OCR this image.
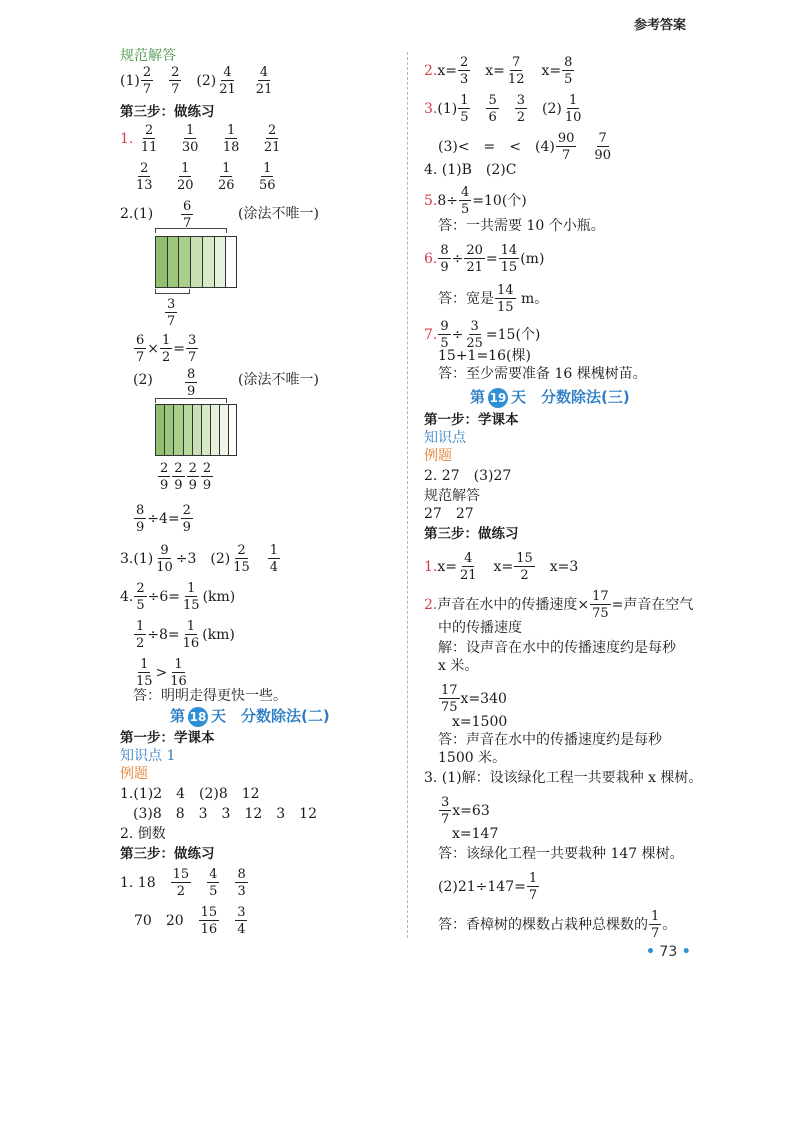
参考答案
规范解答
$(1) \frac{2}{7} \frac{2}{7} (2) \frac{4}{21} \frac{4}{21}$
第三步：做练习
1. $\frac{2}{11}$
$\frac{1}{30}$
$\frac{1}{18}$
$\frac{2}{21}$
$\frac{2}{13}$
$\frac{1}{20}$
$\frac{1}{26}$
$\frac{1}{56}$
$2.(1) \frac{6}{7}$	(涂法不唯一)
$\frac{3}{7}$
$\frac{6}{7} \times \frac{1}{2} = \frac{3}{7}$
$(2) \frac{8}{9}$	(涂法不唯一)
$\frac{2}{9} \frac{2}{9} \frac{2}{9} \frac{2}{9}$
$\frac{8}{9} \div 4= \frac{2}{9}$
$3.(1) \frac{9}{10} \div 3$ $(2) \frac{2}{15} \frac{1}{4}$
4. $\frac{2}{5} \div 6= \frac{1}{15} (km)$
$\frac{1}{2} \div 8= \frac{1}{16} (km)$
$\frac{1}{15} > \frac{1}{16}$
答：明明走得更快一些。
第 18 天　 分数除法(二)
第一步：学课本
知识点 1
例题
1.(1)2　4　(2)8　12
(3)8　8　3　3　12　3　12
2. 倒数
第三步：做练习
1. $18 \frac{15}{2} \frac{4}{5} \frac{8}{3}$
70 $20 \frac{15}{16} \frac{3}{4}$
$2.x= \frac{2}{3} x= \frac{7}{12} x= \frac{8}{5}$
$3.(1) \frac{1}{5} \frac{5}{6} \frac{3}{2} (2) \frac{1}{10}$
(3)<　=　< $(4) \frac{90}{7} \frac{7}{90}$
4. (1)B　(2)C
$5.8\div \frac{4}{5} =10$(个)
答：一共需要 10 个小瓶。
6. $\frac{8}{9} \div \frac{20}{21} = \frac{14}{15} (m)$
答：宽是 $\frac{14}{15}$ m。
7. $\frac{9}{5} \div \frac{3}{25} =15$(个)
15+1=16(棵)
答：至少需要准备 16 棵槐树苗。
第 19 天　 分数除法(三)
第一步：学课本
知识点
例题
2. 27　(3)27
规范解答
27　27
第三步：做练习
$1.x= \frac{4}{21} x= \frac{15}{2} x=3$
2.声音在水中的传播速度× $\frac{17}{75}$ =声音在空气
中的传播速度
解：设声音在水中的传播速度约是每秒
x 米。
$\frac{17}{75} x=340$
x=1500
答：声音在水中的传播速度约是每秒
1500 米。
3. (1)解：设该绿化工程一共要栽种 x 棵树。
$\frac{3}{7} x=63$
x=147
答：该绿化工程一共要栽种 147 棵树。
$(2)21\div 147= \frac{1}{7}$
答：香樟树的棵数占栽种总棵数的 $\frac{1}{7}$ 。
• 73 •
